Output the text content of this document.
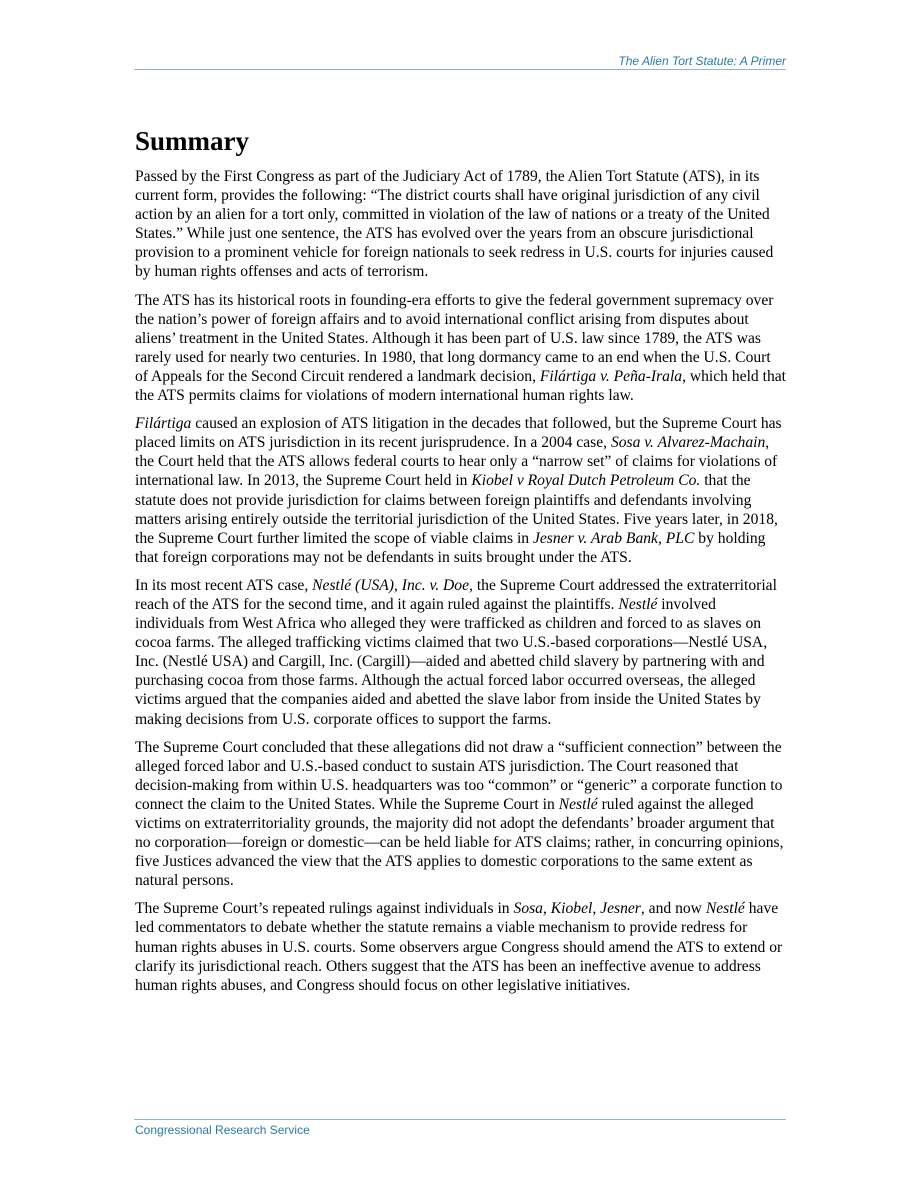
The Alien Tort Statute: A Primer
Summary

Passed by the First Congress as part of the Judiciary Act of 1789, the Alien Tort Statute (ATS), in its current form, provides the following: “The district courts shall have original jurisdiction of any civil action by an alien for a tort only, committed in violation of the law of nations or a treaty of the United States.” While just one sentence, the ATS has evolved over the years from an obscure jurisdictional provision to a prominent vehicle for foreign nationals to seek redress in U.S. courts for injuries caused by human rights offenses and acts of terrorism.

The ATS has its historical roots in founding-era efforts to give the federal government supremacy over the nation’s power of foreign affairs and to avoid international conflict arising from disputes about aliens’ treatment in the United States. Although it has been part of U.S. law since 1789, the ATS was rarely used for nearly two centuries. In 1980, that long dormancy came to an end when the U.S. Court of Appeals for the Second Circuit rendered a landmark decision, Filártiga v. Peña-Irala, which held that the ATS permits claims for violations of modern international human rights law.

Filártiga caused an explosion of ATS litigation in the decades that followed, but the Supreme Court has placed limits on ATS jurisdiction in its recent jurisprudence. In a 2004 case, Sosa v. Alvarez-Machain, the Court held that the ATS allows federal courts to hear only a “narrow set” of claims for violations of international law. In 2013, the Supreme Court held in Kiobel v Royal Dutch Petroleum Co. that the statute does not provide jurisdiction for claims between foreign plaintiffs and defendants involving matters arising entirely outside the territorial jurisdiction of the United States. Five years later, in 2018, the Supreme Court further limited the scope of viable claims in Jesner v. Arab Bank, PLC by holding that foreign corporations may not be defendants in suits brought under the ATS.

In its most recent ATS case, Nestlé (USA), Inc. v. Doe, the Supreme Court addressed the extraterritorial reach of the ATS for the second time, and it again ruled against the plaintiffs. Nestlé involved individuals from West Africa who alleged they were trafficked as children and forced to as slaves on cocoa farms. The alleged trafficking victims claimed that two U.S.-based corporations—Nestlé USA, Inc. (Nestlé USA) and Cargill, Inc. (Cargill)—aided and abetted child slavery by partnering with and purchasing cocoa from those farms. Although the actual forced labor occurred overseas, the alleged victims argued that the companies aided and abetted the slave labor from inside the United States by making decisions from U.S. corporate offices to support the farms.

The Supreme Court concluded that these allegations did not draw a “sufficient connection” between the alleged forced labor and U.S.-based conduct to sustain ATS jurisdiction. The Court reasoned that decision-making from within U.S. headquarters was too “common” or “generic” a corporate function to connect the claim to the United States. While the Supreme Court in Nestlé ruled against the alleged victims on extraterritoriality grounds, the majority did not adopt the defendants’ broader argument that no corporation—foreign or domestic—can be held liable for ATS claims; rather, in concurring opinions, five Justices advanced the view that the ATS applies to domestic corporations to the same extent as natural persons.

The Supreme Court’s repeated rulings against individuals in Sosa, Kiobel, Jesner, and now Nestlé have led commentators to debate whether the statute remains a viable mechanism to provide redress for human rights abuses in U.S. courts. Some observers argue Congress should amend the ATS to extend or clarify its jurisdictional reach. Others suggest that the ATS has been an ineffective avenue to address human rights abuses, and Congress should focus on other legislative initiatives.

Congressional Research Service
